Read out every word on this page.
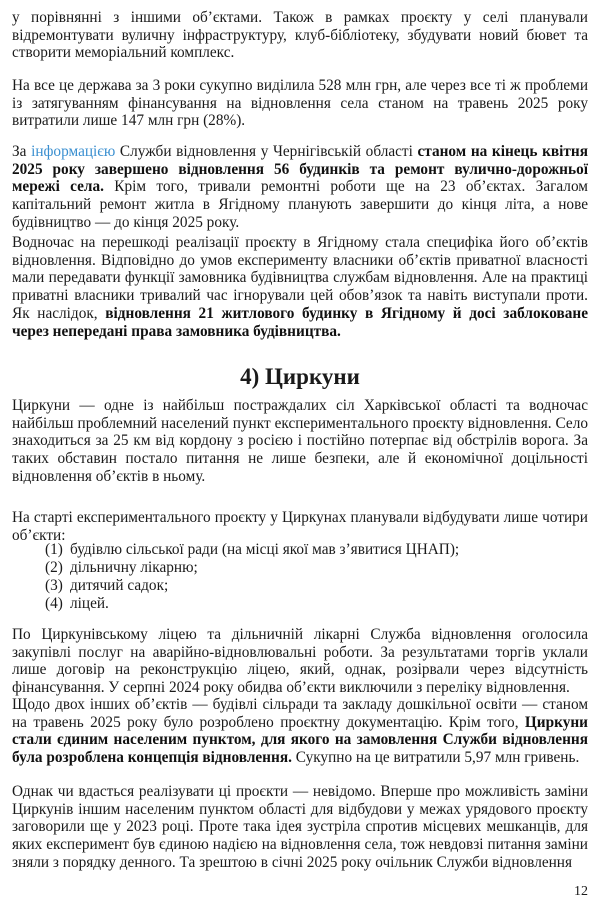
у порівнянні з іншими об’єктами. Також в рамках проєкту у селі планували відремонтувати вуличну інфраструктуру, клуб-бібліотеку, збудувати новий бювет та створити меморіальний комплекс.

На все це держава за 3 роки сукупно виділила 528 млн грн, але через все ті ж проблеми із затягуванням фінансування на відновлення села станом на травень 2025 року витратили лише 147 млн грн (28%).

За інформацією Служби відновлення у Чернігівській області станом на кінець квітня 2025 року завершено відновлення 56 будинків та ремонт вулично-дорожньої мережі села. Крім того, тривали ремонтні роботи ще на 23 об’єктах. Загалом капітальний ремонт житла в Ягідному планують завершити до кінця літа, а нове будівництво — до кінця 2025 року.

Водночас на перешкоді реалізації проєкту в Ягідному стала специфіка його об’єктів відновлення. Відповідно до умов експерименту власники об’єктів приватної власності мали передавати функції замовника будівництва службам відновлення. Але на практиці приватні власники тривалий час ігнорували цей обов’язок та навіть виступали проти. Як наслідок, відновлення 21 житлового будинку в Ягідному й досі заблоковане через непередані права замовника будівництва.

4) Циркуни

Циркуни — одне із найбільш постраждалих сіл Харківської області та водночас найбільш проблемний населений пункт експериментального проєкту відновлення. Село знаходиться за 25 км від кордону з росією і постійно потерпає від обстрілів ворога. За таких обставин постало питання не лише безпеки, але й економічної доцільності відновлення об’єктів в ньому.

На старті експериментального проєкту у Циркунах планували відбудувати лише чотири об’єкти:

(1) будівлю сільської ради (на місці якої мав з’явитися ЦНАП);
(2) дільничну лікарню;
(3) дитячий садок;
(4) ліцей.

По Циркунівському ліцею та дільничній лікарні Служба відновлення оголосила закупівлі послуг на аварійно-відновлювальні роботи. За результатами торгів уклали лише договір на реконструкцію ліцею, який, однак, розірвали через відсутність фінансування. У серпні 2024 року обидва об’єкти виключили з переліку відновлення.

Щодо двох інших об’єктів — будівлі сільради та закладу дошкільної освіти — станом на травень 2025 року було розроблено проєктну документацію. Крім того, Циркуни стали єдиним населеним пунктом, для якого на замовлення Служби відновлення була розроблена концепція відновлення. Сукупно на це витратили 5,97 млн гривень.

Однак чи вдасться реалізувати ці проєкти — невідомо. Вперше про можливість заміни Циркунів іншим населеним пунктом області для відбудови у межах урядового проєкту заговорили ще у 2023 році. Проте така ідея зустріла спротив місцевих мешканців, для яких експеримент був єдиною надією на відновлення села, тож невдовзі питання заміни зняли з порядку денного. Та зрештою в січні 2025 року очільник Служби відновлення

12
